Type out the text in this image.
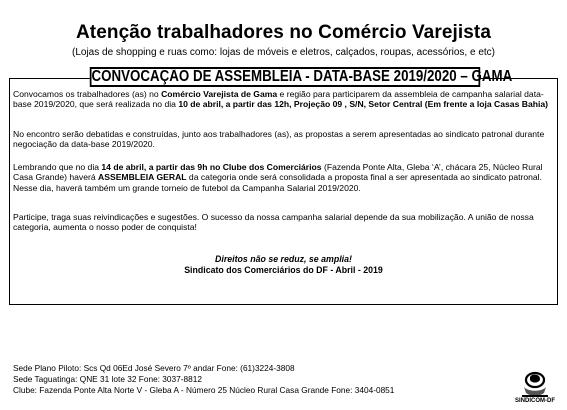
Atenção trabalhadores no Comércio Varejista
(Lojas de shopping e ruas como: lojas de móveis e eletros, calçados, roupas, acessórios, e etc)
CONVOCAÇÃO DE ASSEMBLEIA - DATA-BASE 2019/2020 – GAMA
Convocamos os trabalhadores (as) no Comércio Varejista de Gama e região para participarem da assembleia de campanha salarial data-base 2019/2020, que será realizada no dia 10 de abril, a partir das 12h, Projeção 09 , S/N, Setor Central (Em frente a loja Casas Bahia)
No encontro serão debatidas e construídas, junto aos trabalhadores (as), as propostas a serem apresentadas ao sindicato patronal durante negociação da data-base 2019/2020.
Lembrando que no dia 14 de abril, a partir das 9h no Clube dos Comerciários (Fazenda Ponte Alta, Gleba ‘A’, chácara 25, Núcleo Rural Casa Grande) haverá ASSEMBLEIA GERAL da categoria onde será consolidada a proposta final a ser apresentada ao sindicato patronal. Nesse dia, haverá também um grande torneio de futebol da Campanha Salarial 2019/2020.
Participe, traga suas reivindicações e sugestões. O sucesso da nossa campanha salarial depende da sua mobilização. A união de nossa categoria, aumenta o nosso poder de conquista!
Direitos não se reduz, se amplia!
Sindicato dos Comerciários do DF - Abril - 2019
Sede Plano Piloto: Scs Qd 06Ed José Severo 7º andar Fone: (61)3224-3808
Sede Taguatinga: QNE 31 lote 32 Fone: 3037-8812
Clube: Fazenda Ponte Alta Norte V - Gleba A - Número 25 Núcleo Rural Casa Grande Fone: 3404-0851
SINDICOM-DF
